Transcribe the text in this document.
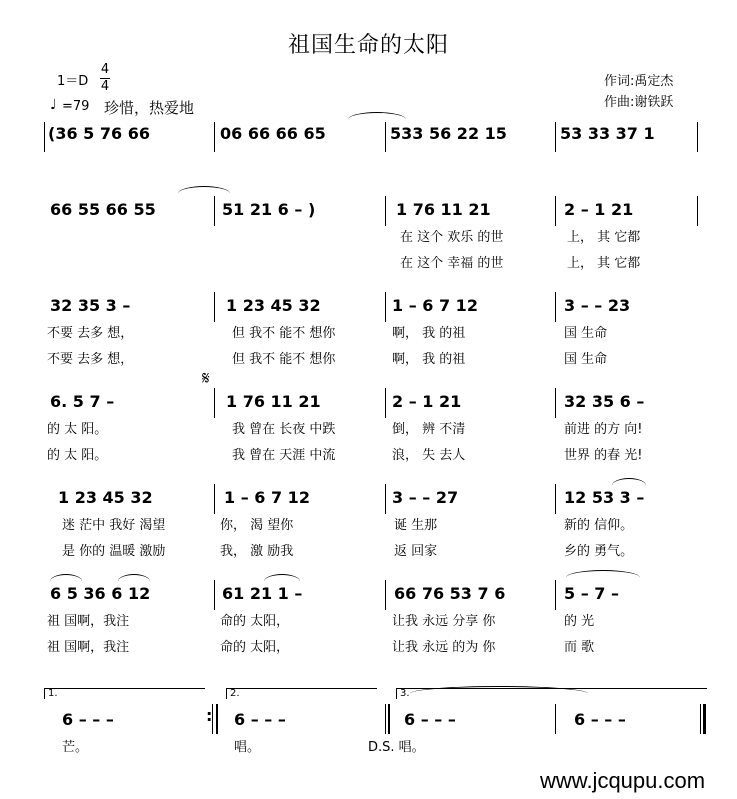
祖国生命的太阳
1＝D
4
4
♩ =79 珍惜，热爱地
作词:禹定杰
作曲:谢铁跃
(36 5 76 66	06 66 66 65	533 56 22 15	53 33 37 1
66 55 66 55	51 21 6 – )	1 76 11 21	2 – 1 21
在 这个 欢乐 的世	上， 其 它都
在 这个 幸福 的世	上， 其 它都
32 35 3 –	1 23 45 32	1 – 6 7 12	3 – – 23
不要 去多 想，	但 我不 能不 想你	啊， 我 的祖	国 生命
不要 去多 想，	但 我不 能不 想你	啊， 我 的祖	国 生命
6. 5 7 –
𝄋
1 76 11 21	2 – 1 21	32 35 6 –
的 太 阳。	我 曾在 长夜 中跌	倒， 辨 不清	前进 的方 向!
的 太 阳。	我 曾在 天涯 中流	浪， 失 去人	世界 的春 光!
1 23 45 32	1 – 6 7 12	3 – – 27	12 53 3 –
迷 茫中 我好 渴望	你， 渴 望你	诞 生那	新的 信仰。
是 你的 温暖 激励	我， 激 励我	返 回家	乡的 勇气。
6 5 36 6 12	61 21 1 –	66 76 53 7 6	5 – 7 –
祖 国啊，我注	命的 太阳，	让我 永远 分享 你	的 光
祖 国啊，我注	命的 太阳，	让我 永远 的为 你	而 歌
1.	2.	3.
6 – – –	: 6 – – –	6 – – –	6 – – –
芒。	唱。	D.S. 唱。
www.jcqupu.com
